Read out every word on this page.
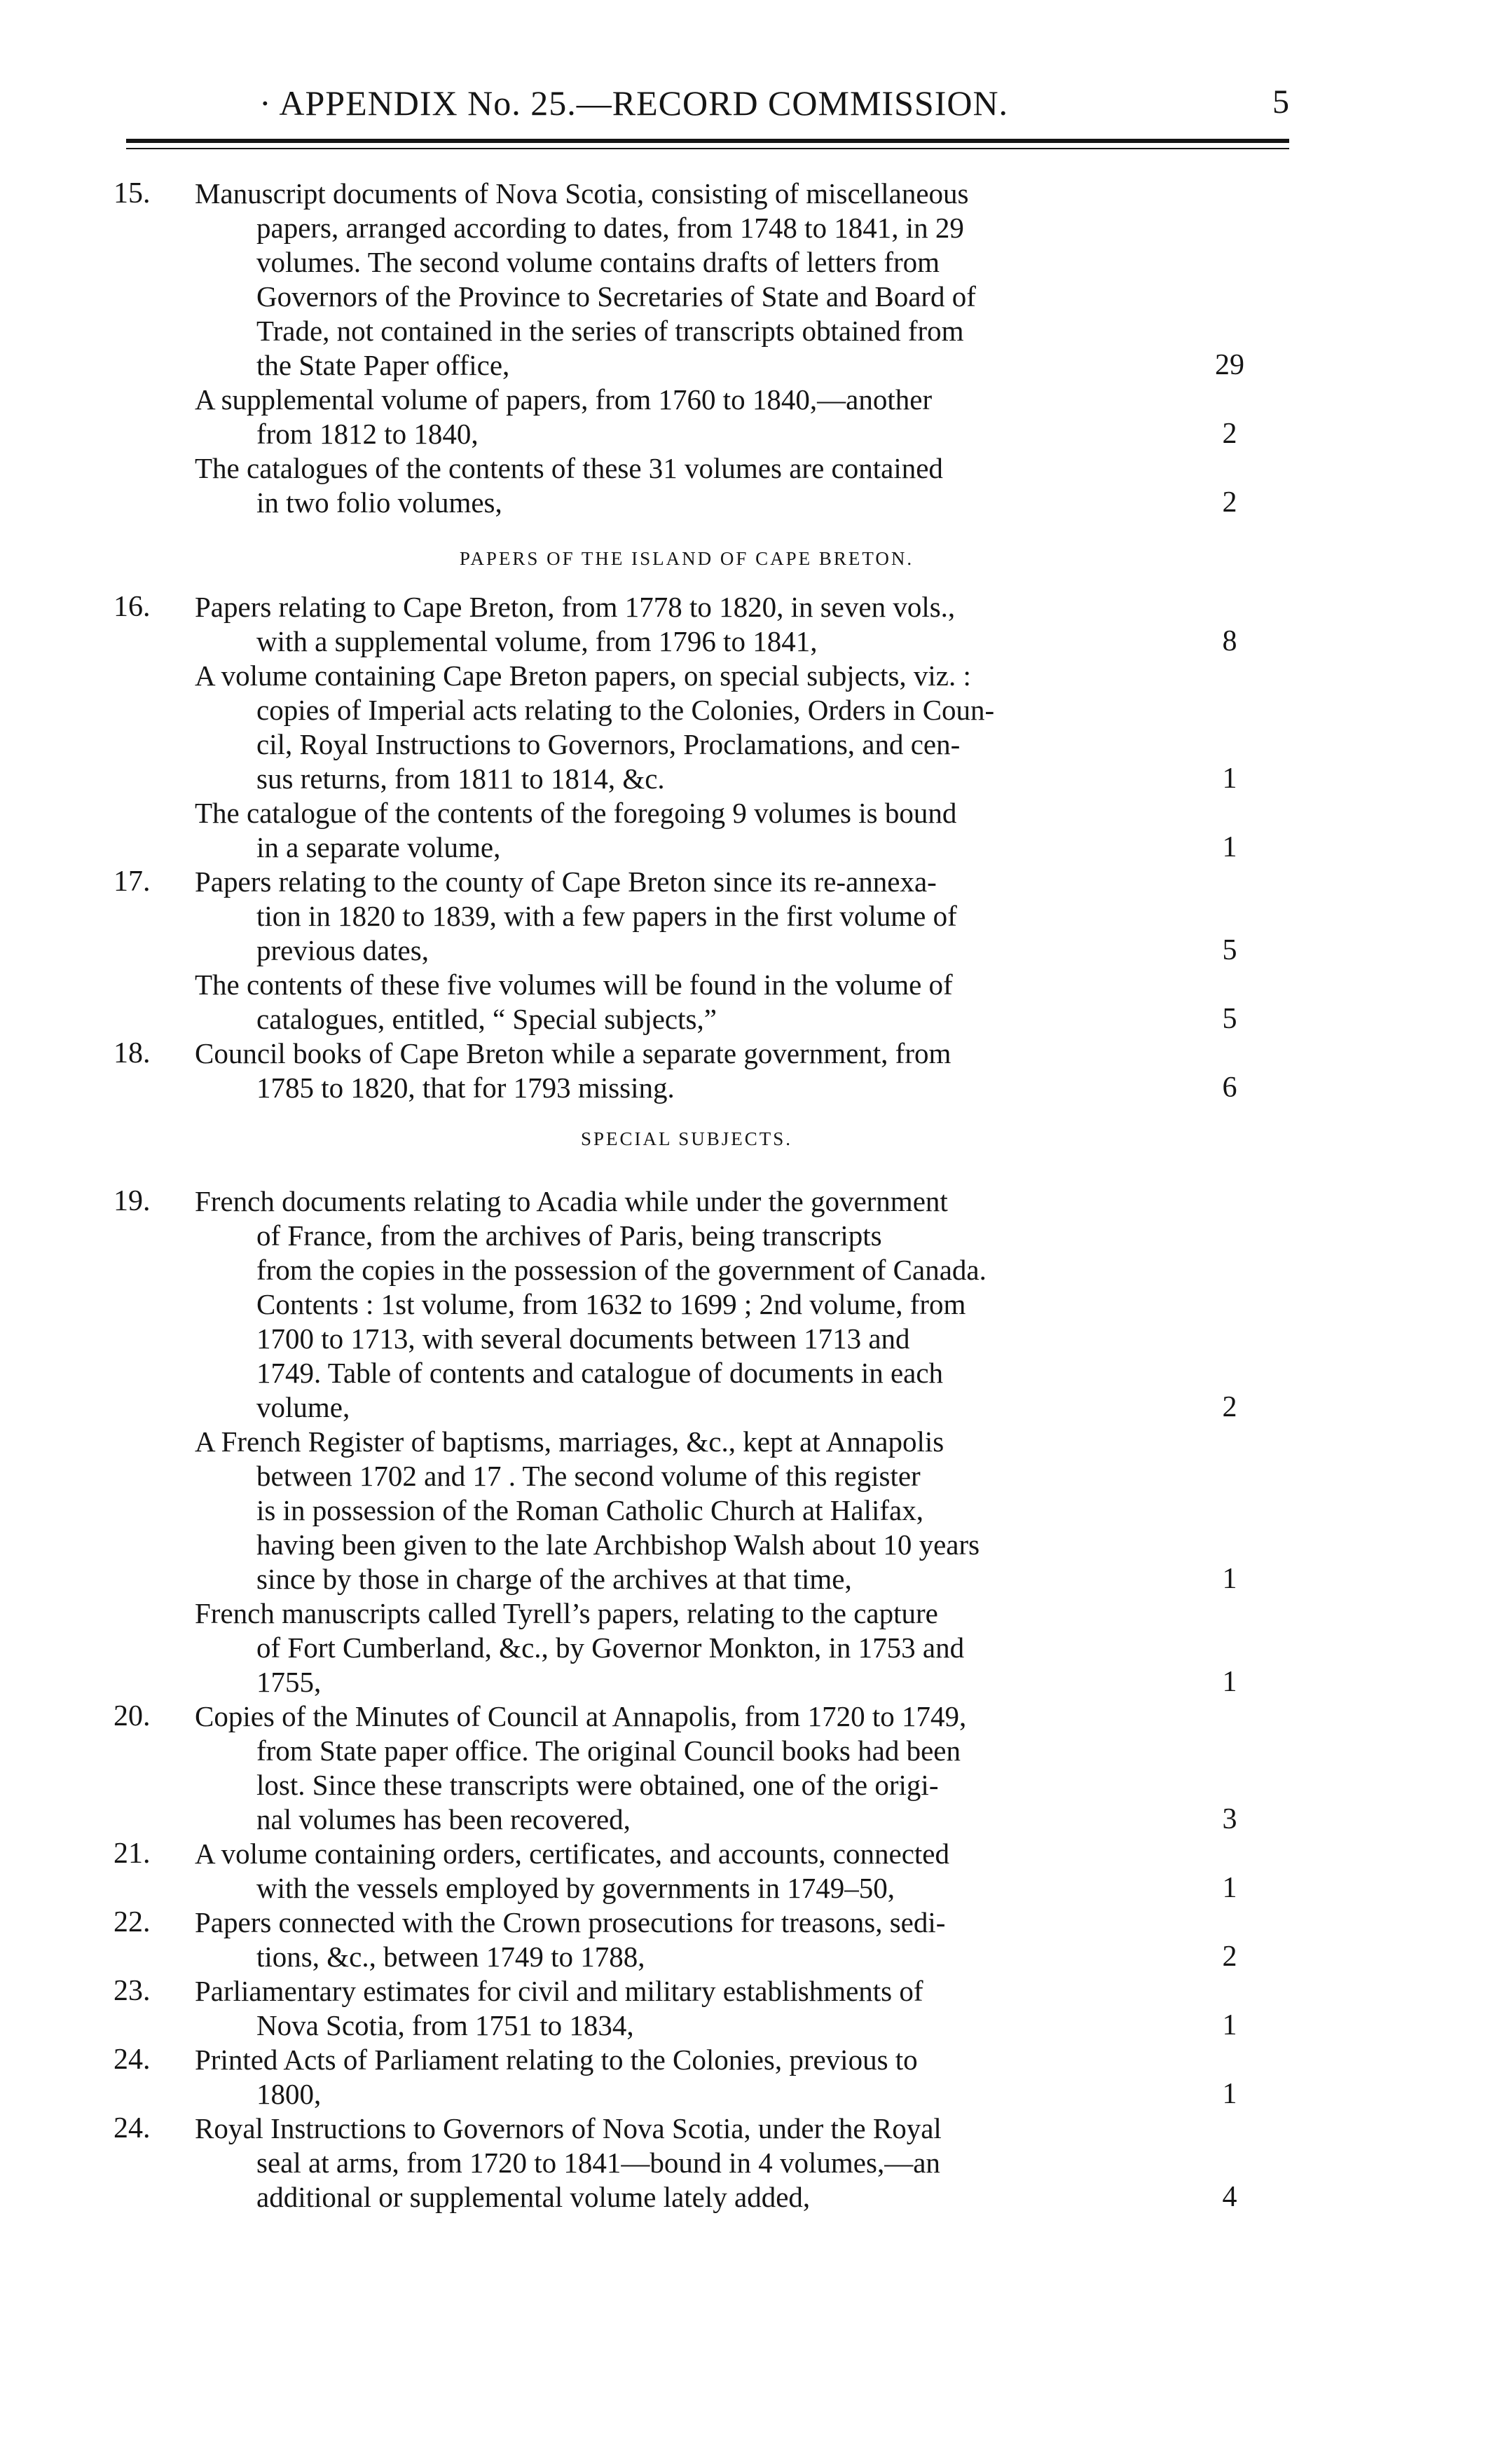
· APPENDIX No. 25.—RECORD COMMISSION.	5
15. Manuscript documents of Nova Scotia, consisting of miscellaneous
papers, arranged according to dates, from 1748 to 1841, in 29
volumes. The second volume contains drafts of letters from
Governors of the Province to Secretaries of State and Board of
Trade, not contained in the series of transcripts obtained from
the State Paper office,	29

A supplemental volume of papers, from 1760 to 1840,—another
from 1812 to 1840,	2

The catalogues of the contents of these 31 volumes are contained
in two folio volumes,	2
PAPERS OF THE ISLAND OF CAPE BRETON.
16. Papers relating to Cape Breton, from 1778 to 1820, in seven vols.,
with a supplemental volume, from 1796 to 1841,	8

A volume containing Cape Breton papers, on special subjects, viz. :
copies of Imperial acts relating to the Colonies, Orders in Coun-
cil, Royal Instructions to Governors, Proclamations, and cen-
sus returns, from 1811 to 1814, &c.	1

The catalogue of the contents of the foregoing 9 volumes is bound
in a separate volume,	1
17. Papers relating to the county of Cape Breton since its re-annexa-
tion in 1820 to 1839, with a few papers in the first volume of
previous dates,	5

The contents of these five volumes will be found in the volume of
catalogues, entitled, “ Special subjects,”	5
18. Council books of Cape Breton while a separate government, from
1785 to 1820, that for 1793 missing.	6
SPECIAL SUBJECTS.
19. French documents relating to Acadia while under the government
of France, from the archives of Paris, being transcripts
from the copies in the possession of the government of Canada.
Contents : 1st volume, from 1632 to 1699 ; 2nd volume, from
1700 to 1713, with several documents between 1713 and
1749. Table of contents and catalogue of documents in each
volume,	2

A French Register of baptisms, marriages, &c., kept at Annapolis
between 1702 and 17 . The second volume of this register
is in possession of the Roman Catholic Church at Halifax,
having been given to the late Archbishop Walsh about 10 years
since by those in charge of the archives at that time,	1

French manuscripts called Tyrell’s papers, relating to the capture
of Fort Cumberland, &c., by Governor Monkton, in 1753 and
1755,	1
20. Copies of the Minutes of Council at Annapolis, from 1720 to 1749,
from State paper office. The original Council books had been
lost. Since these transcripts were obtained, one of the origi-
nal volumes has been recovered,	3
21. A volume containing orders, certificates, and accounts, connected
with the vessels employed by governments in 1749–50,	1
22. Papers connected with the Crown prosecutions for treasons, sedi-
tions, &c., between 1749 to 1788,	2
23. Parliamentary estimates for civil and military establishments of
Nova Scotia, from 1751 to 1834,	1
24. Printed Acts of Parliament relating to the Colonies, previous to
1800,	1
24. Royal Instructions to Governors of Nova Scotia, under the Royal
seal at arms, from 1720 to 1841—bound in 4 volumes,—an
additional or supplemental volume lately added,	4
